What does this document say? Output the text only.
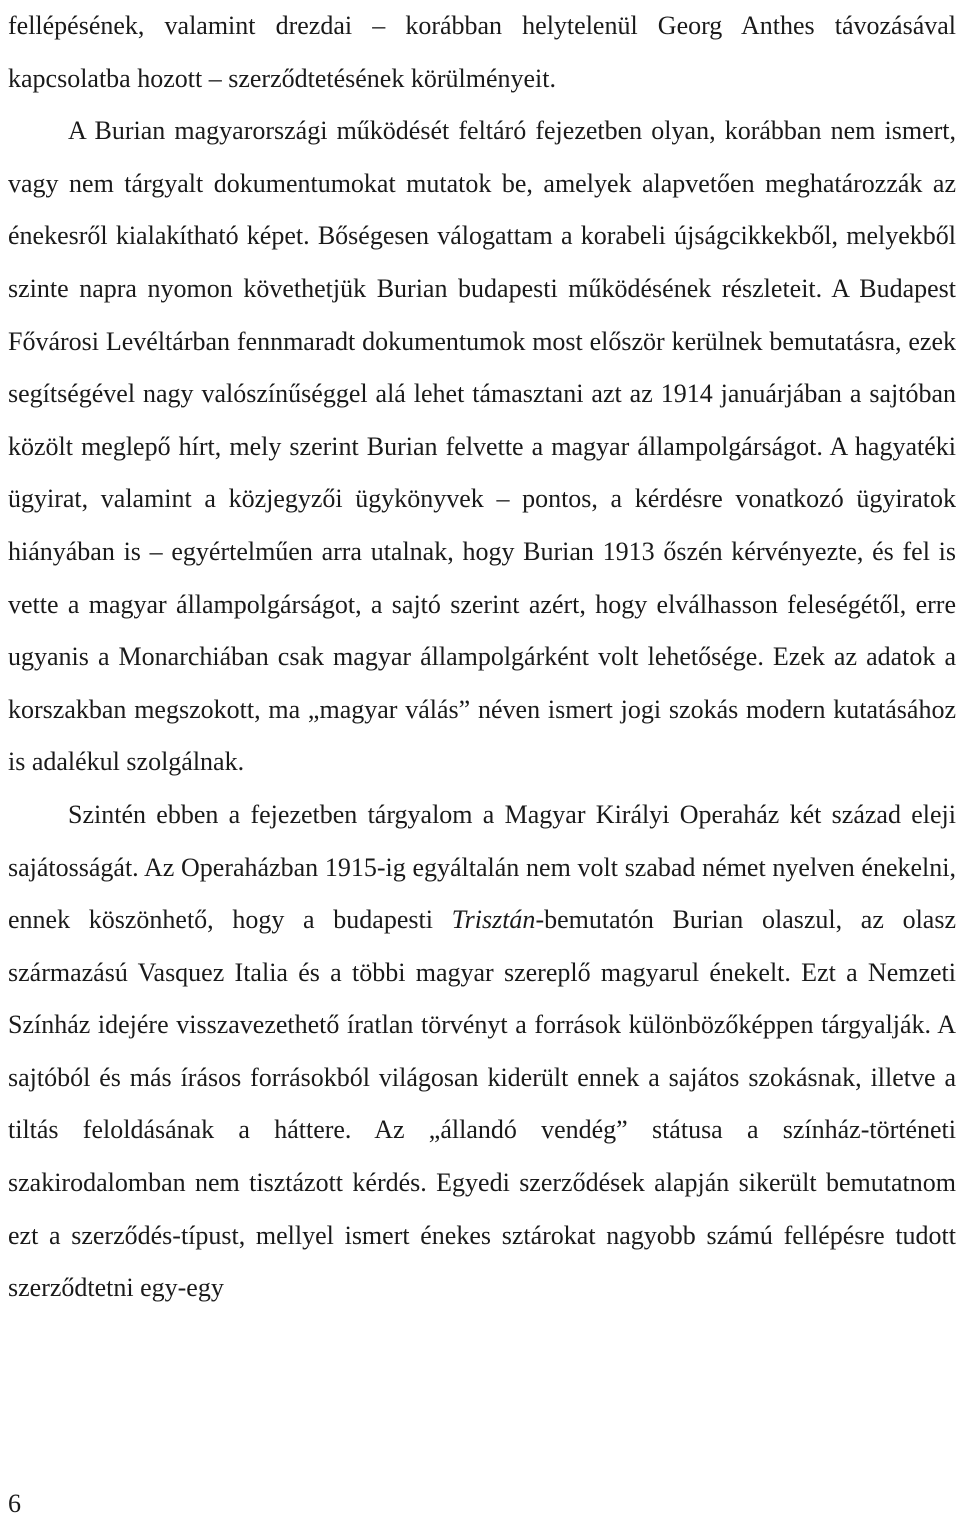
fellépésének, valamint drezdai – korábban helytelenül Georg Anthes távozásával kapcsolatba hozott – szerződtetésének körülményeit.

A Burian magyarországi működését feltáró fejezetben olyan, korábban nem ismert, vagy nem tárgyalt dokumentumokat mutatok be, amelyek alapvetően meghatározzák az énekesről kialakítható képet. Bőségesen válogattam a korabeli újságcikkekből, melyekből szinte napra nyomon követhetjük Burian budapesti működésének részleteit. A Budapest Fővárosi Levéltárban fennmaradt dokumentumok most először kerülnek bemutatásra, ezek segítségével nagy valószínűséggel alá lehet támasztani azt az 1914 januárjában a sajtóban közölt meglepő hírt, mely szerint Burian felvette a magyar állampolgárságot. A hagyatéki ügyirat, valamint a közjegyzői ügykönyvek – pontos, a kérdésre vonatkozó ügyiratok hiányában is – egyértelműen arra utalnak, hogy Burian 1913 őszén kérvényezte, és fel is vette a magyar állampolgárságot, a sajtó szerint azért, hogy elválhasson feleségétől, erre ugyanis a Monarchiában csak magyar állampolgárként volt lehetősége. Ezek az adatok a korszakban megszokott, ma „magyar válás” néven ismert jogi szokás modern kutatásához is adalékul szolgálnak.

Szintén ebben a fejezetben tárgyalom a Magyar Királyi Operaház két század eleji sajátosságát. Az Operaházban 1915-ig egyáltalán nem volt szabad német nyelven énekelni, ennek köszönhető, hogy a budapesti Trisztán-bemutatón Burian olaszul, az olasz származású Vasquez Italia és a többi magyar szereplő magyarul énekelt. Ezt a Nemzeti Színház idejére visszavezethető íratlan törvényt a források különbözőképpen tárgyalják. A sajtóból és más írásos forrásokból világosan kiderült ennek a sajátos szokásnak, illetve a tiltás feloldásának a háttere. Az „állandó vendég” státusa a színház-történeti szakirodalomban nem tisztázott kérdés. Egyedi szerződések alapján sikerült bemutatnom ezt a szerződés-típust, mellyel ismert énekes sztárokat nagyobb számú fellépésre tudott szerződtetni egy-egy

6
